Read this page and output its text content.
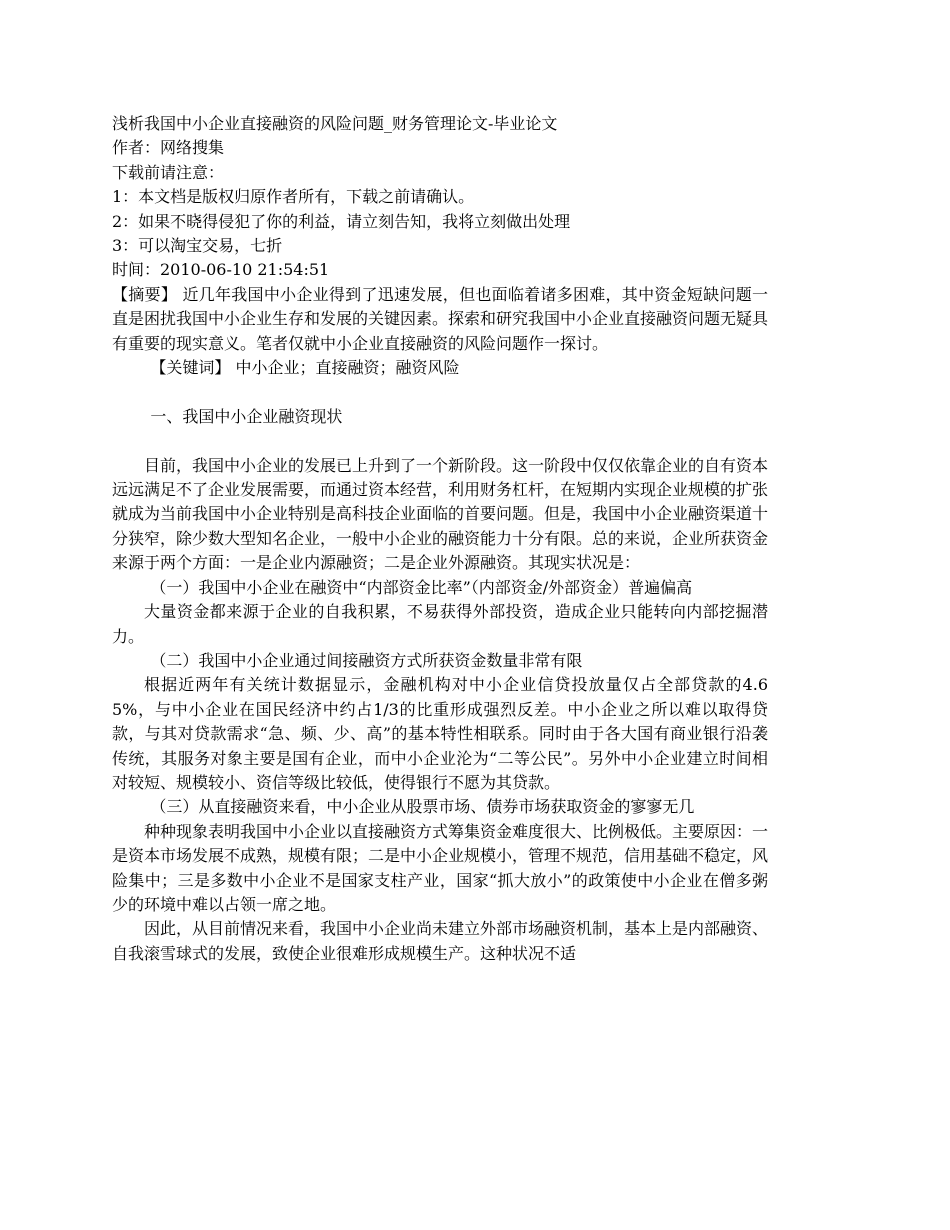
浅析我国中小企业直接融资的风险问题_财务管理论文-毕业论文
作者：网络搜集
下载前请注意：
1：本文档是版权归原作者所有，下载之前请确认。
2：如果不晓得侵犯了你的利益，请立刻告知，我将立刻做出处理
3：可以淘宝交易，七折
时间：2010-06-10 21:54:51
【摘要】 近几年我国中小企业得到了迅速发展，但也面临着诸多困难，其中资金短缺问题一直是困扰我国中小企业生存和发展的关键因素。探索和研究我国中小企业直接融资问题无疑具有重要的现实意义。笔者仅就中小企业直接融资的风险问题作一探讨。
【关键词】 中小企业；直接融资；融资风险
一、我国中小企业融资现状
目前，我国中小企业的发展已上升到了一个新阶段。这一阶段中仅仅依靠企业的自有资本远远满足不了企业发展需要，而通过资本经营，利用财务杠杆，在短期内实现企业规模的扩张就成为当前我国中小企业特别是高科技企业面临的首要问题。但是，我国中小企业融资渠道十分狭窄，除少数大型知名企业，一般中小企业的融资能力十分有限。总的来说，企业所获资金来源于两个方面：一是企业内源融资；二是企业外源融资。其现实状况是：
（一）我国中小企业在融资中“内部资金比率”（内部资金/外部资金）普遍偏高
大量资金都来源于企业的自我积累，不易获得外部投资，造成企业只能转向内部挖掘潜力。
（二）我国中小企业通过间接融资方式所获资金数量非常有限
根据近两年有关统计数据显示，金融机构对中小企业信贷投放量仅占全部贷款的4.65%，与中小企业在国民经济中约占1/3的比重形成强烈反差。中小企业之所以难以取得贷款，与其对贷款需求“急、频、少、高”的基本特性相联系。同时由于各大国有商业银行沿袭传统，其服务对象主要是国有企业，而中小企业沦为“二等公民”。另外中小企业建立时间相对较短、规模较小、资信等级比较低，使得银行不愿为其贷款。
（三）从直接融资来看，中小企业从股票市场、债券市场获取资金的寥寥无几
种种现象表明我国中小企业以直接融资方式筹集资金难度很大、比例极低。主要原因：一是资本市场发展不成熟，规模有限；二是中小企业规模小，管理不规范，信用基础不稳定，风险集中；三是多数中小企业不是国家支柱产业，国家“抓大放小”的政策使中小企业在僧多粥少的环境中难以占领一席之地。
因此，从目前情况来看，我国中小企业尚未建立外部市场融资机制，基本上是内部融资、自我滚雪球式的发展，致使企业很难形成规模生产。这种状况不适
